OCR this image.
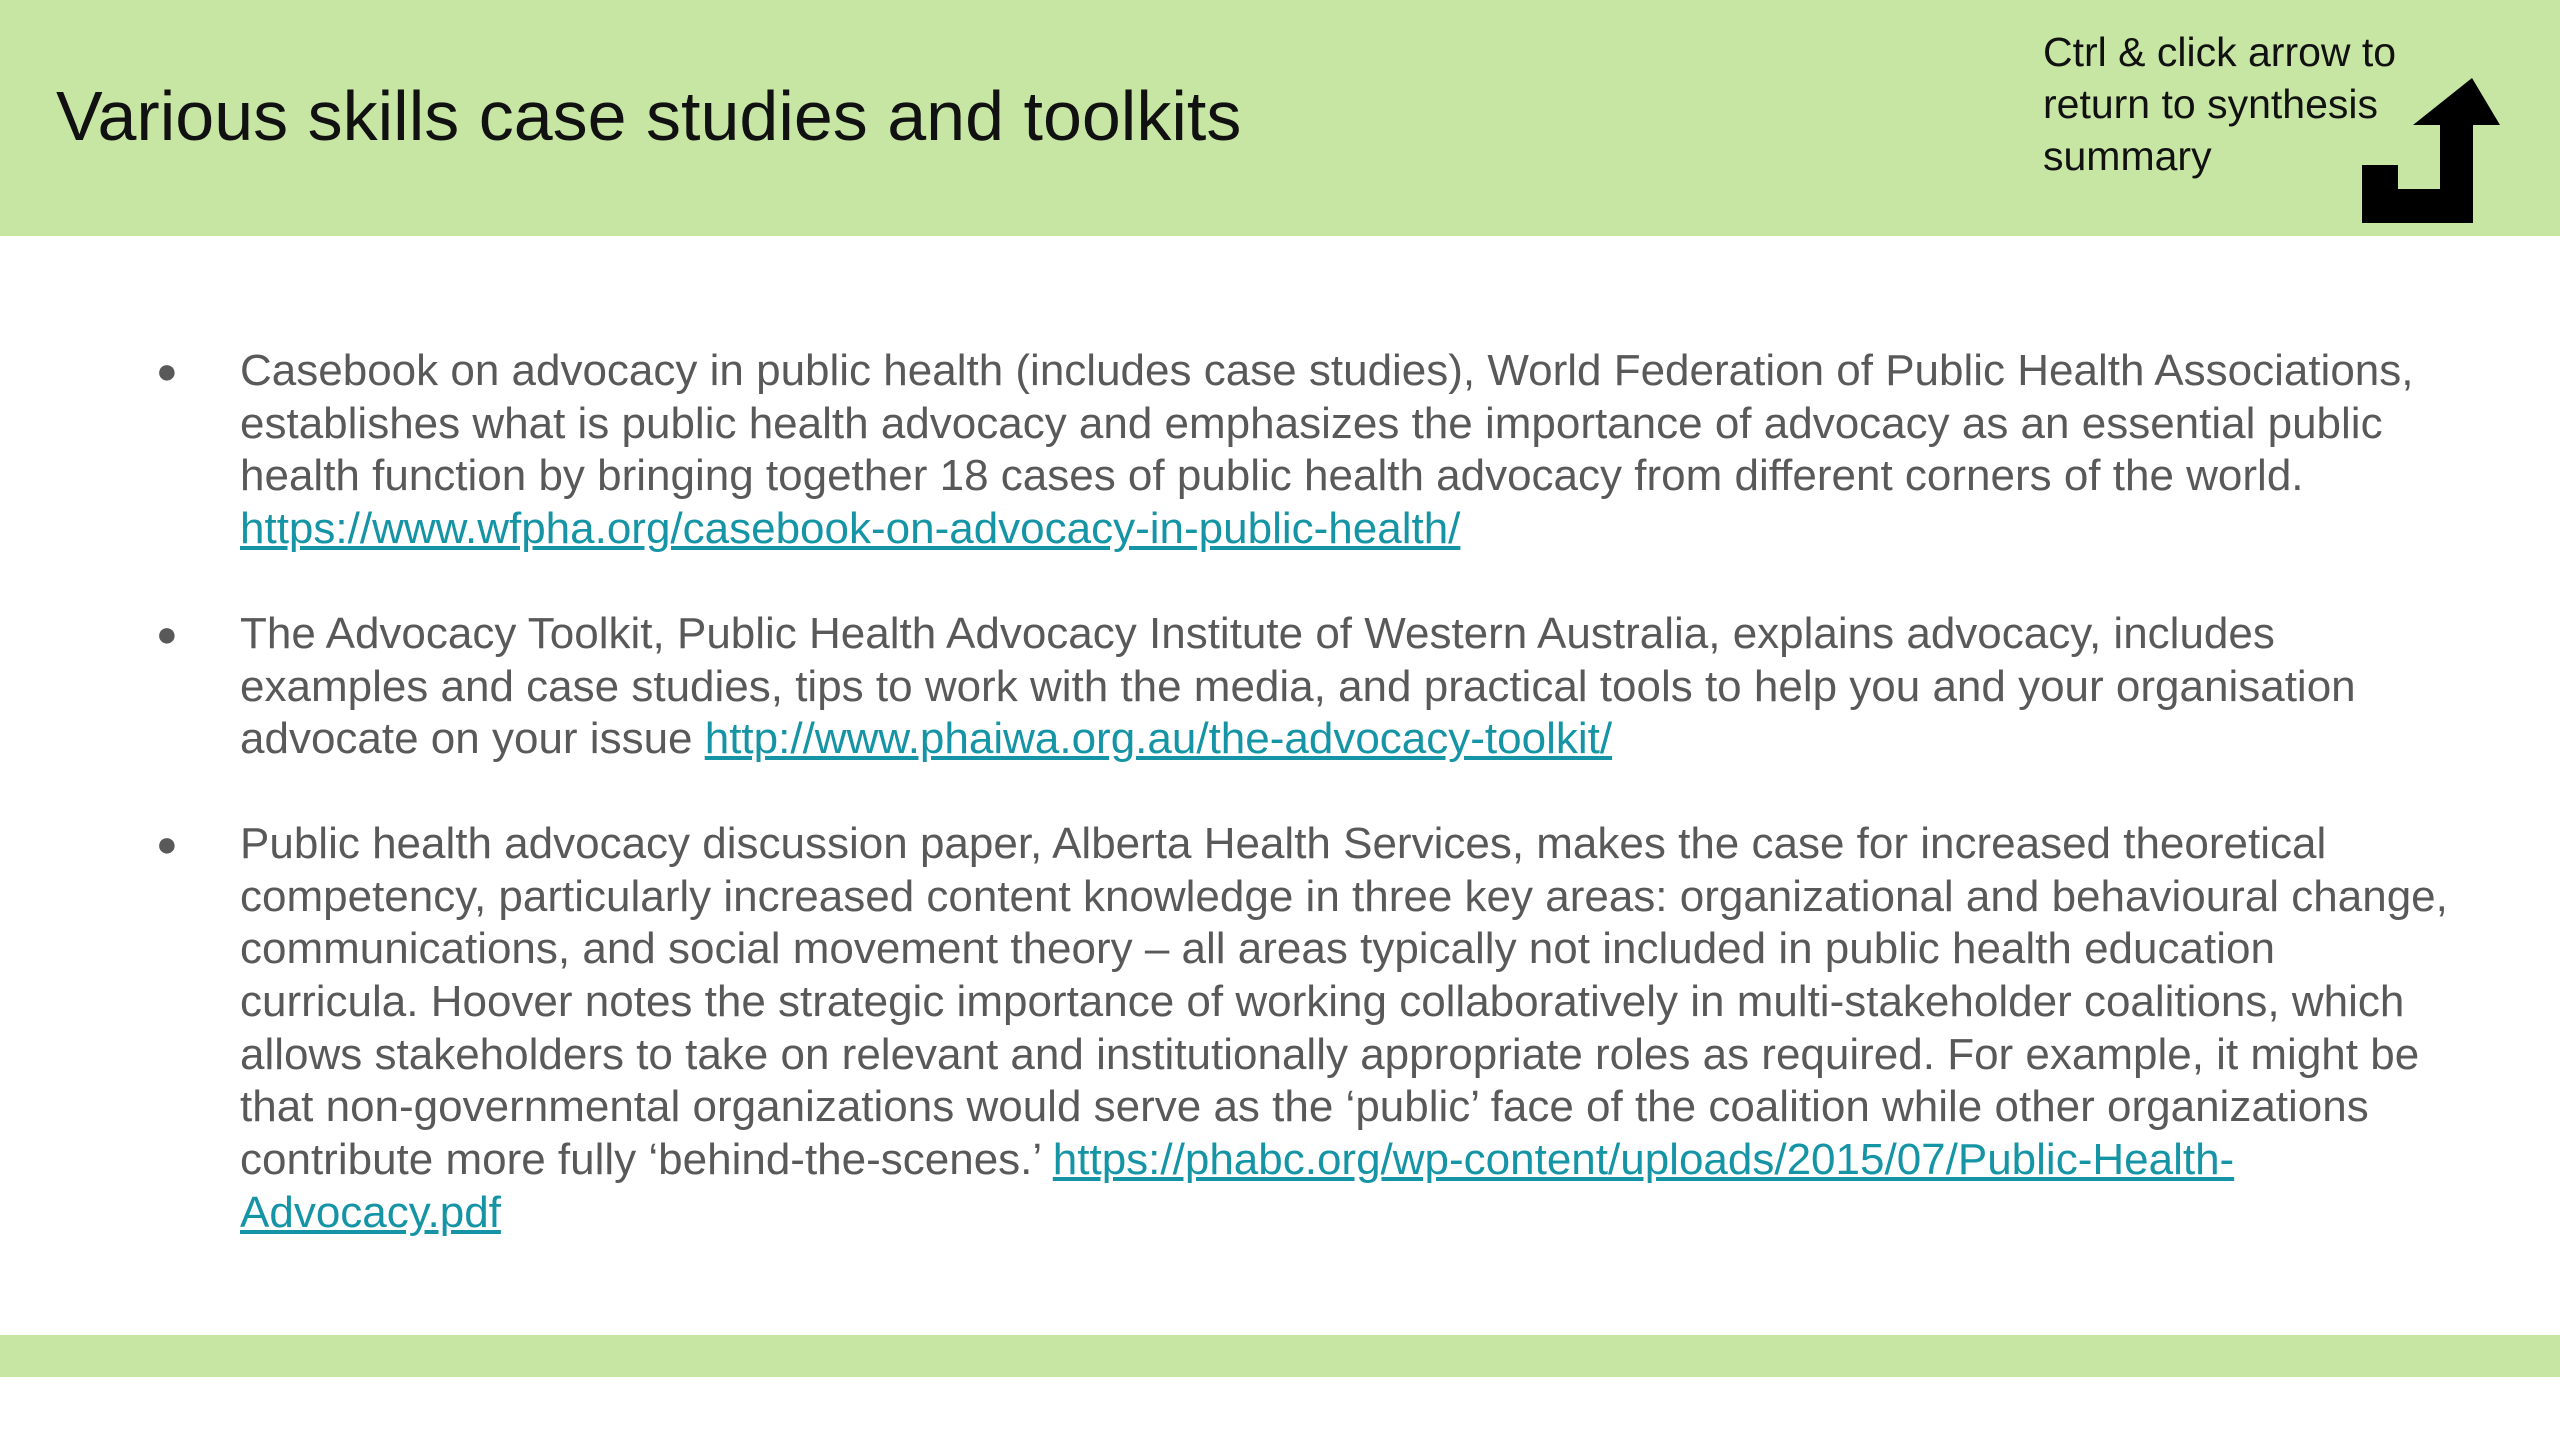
Various skills case studies and toolkits
Ctrl & click arrow to return to synthesis summary
● Casebook on advocacy in public health (includes case studies), World Federation of Public Health Associations, establishes what is public health advocacy and emphasizes the importance of advocacy as an essential public health function by bringing together 18 cases of public health advocacy from different corners of the world. https://www.wfpha.org/casebook-on-advocacy-in-public-health/
● The Advocacy Toolkit, Public Health Advocacy Institute of Western Australia, explains advocacy, includes examples and case studies, tips to work with the media, and practical tools to help you and your organisation advocate on your issue http://www.phaiwa.org.au/the-advocacy-toolkit/
● Public health advocacy discussion paper, Alberta Health Services, makes the case for increased theoretical competency, particularly increased content knowledge in three key areas: organizational and behavioural change, communications, and social movement theory – all areas typically not included in public health education curricula. Hoover notes the strategic importance of working collaboratively in multi-stakeholder coalitions, which allows stakeholders to take on relevant and institutionally appropriate roles as required. For example, it might be that non-governmental organizations would serve as the ‘public’ face of the coalition while other organizations contribute more fully ‘behind-the-scenes.’ https://phabc.org/wp-content/uploads/2015/07/Public-Health-Advocacy.pdf
